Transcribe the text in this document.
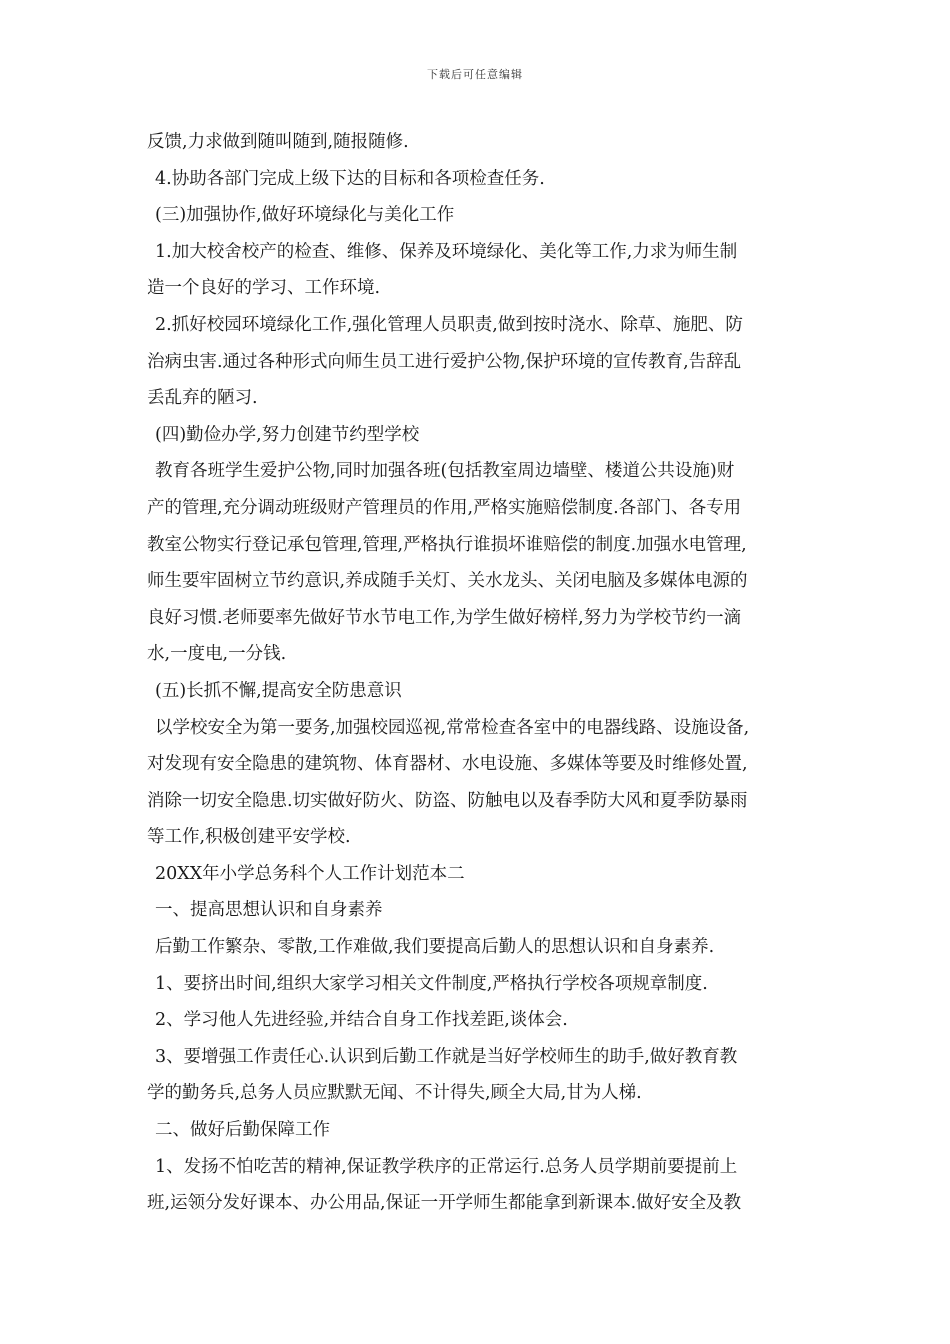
下载后可任意编辑
反馈,力求做到随叫随到,随报随修.
4.协助各部门完成上级下达的目标和各项检查任务.
(三)加强协作,做好环境绿化与美化工作
1.加大校舍校产的检查、维修、保养及环境绿化、美化等工作,力求为师生制
造一个良好的学习、工作环境.
2.抓好校园环境绿化工作,强化管理人员职责,做到按时浇水、除草、施肥、防
治病虫害.通过各种形式向师生员工进行爱护公物,保护环境的宣传教育,告辞乱
丢乱弃的陋习.
(四)勤俭办学,努力创建节约型学校
教育各班学生爱护公物,同时加强各班(包括教室周边墙壁、楼道公共设施)财
产的管理,充分调动班级财产管理员的作用,严格实施赔偿制度.各部门、各专用
教室公物实行登记承包管理,管理,严格执行谁损坏谁赔偿的制度.加强水电管理,
师生要牢固树立节约意识,养成随手关灯、关水龙头、关闭电脑及多媒体电源的
良好习惯.老师要率先做好节水节电工作,为学生做好榜样,努力为学校节约一滴
水,一度电,一分钱.
(五)长抓不懈,提高安全防患意识
以学校安全为第一要务,加强校园巡视,常常检查各室中的电器线路、设施设备,
对发现有安全隐患的建筑物、体育器材、水电设施、多媒体等要及时维修处置,
消除一切安全隐患.切实做好防火、防盗、防触电以及春季防大风和夏季防暴雨
等工作,积极创建平安学校.
20XX年小学总务科个人工作计划范本二
一、提高思想认识和自身素养
后勤工作繁杂、零散,工作难做,我们要提高后勤人的思想认识和自身素养.
1、要挤出时间,组织大家学习相关文件制度,严格执行学校各项规章制度.
2、学习他人先进经验,并结合自身工作找差距,谈体会.
3、要增强工作责任心.认识到后勤工作就是当好学校师生的助手,做好教育教
学的勤务兵,总务人员应默默无闻、不计得失,顾全大局,甘为人梯.
二、做好后勤保障工作
1、发扬不怕吃苦的精神,保证教学秩序的正常运行.总务人员学期前要提前上
班,运领分发好课本、办公用品,保证一开学师生都能拿到新课本.做好安全及教
